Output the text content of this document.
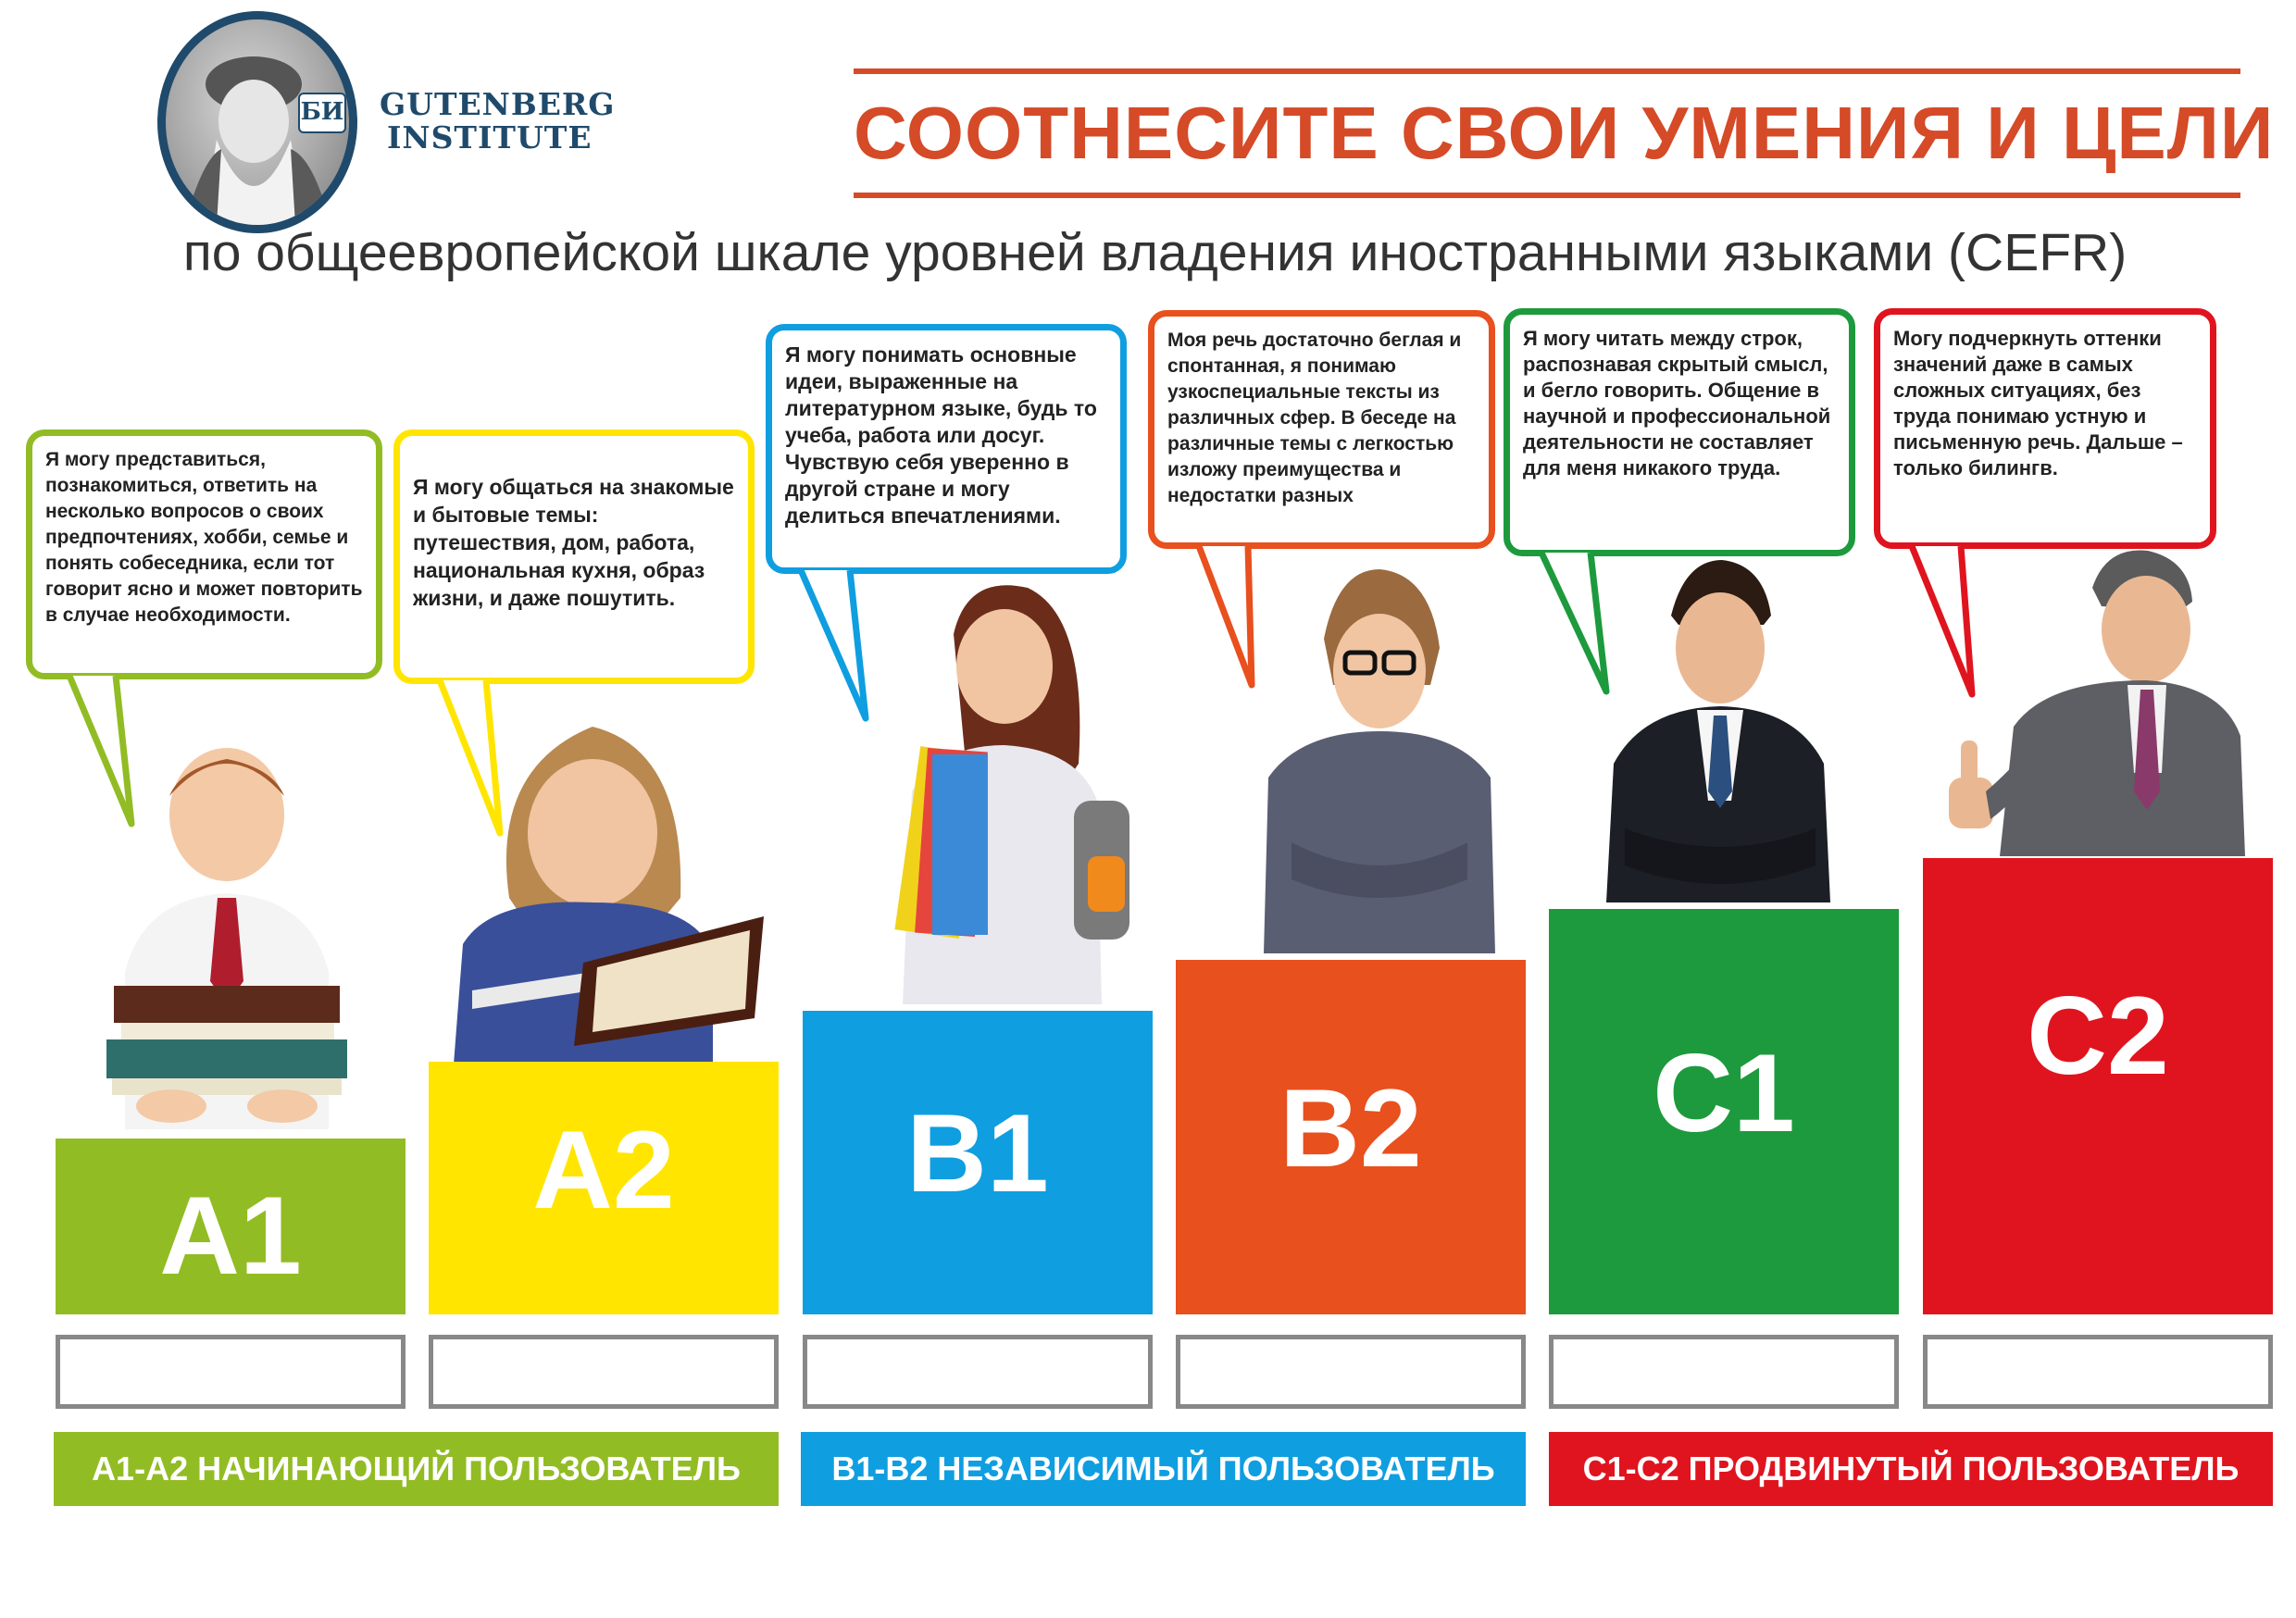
БИ GUTENBERG
INSTITUTE	СООТНЕСИТЕ СВОИ УМЕНИЯ И ЦЕЛИ
по общеевропейской шкале уровней владения иностранными языками (CEFR)
Я могу представиться, познакомиться, ответить на несколько вопросов о своих предпочтениях, хобби, семье и понять собеседника, если тот говорит ясно и может повторить в случае необходимости.
Я могу общаться на знакомые и бытовые темы: путешествия, дом, работа, национальная кухня, образ жизни, и даже пошутить.
Я могу понимать основные идеи, выраженные на литературном языке, будь то учеба, работа или досуг. Чувствую себя уверенно в другой стране и могу делиться впечатлениями.
Моя речь достаточно беглая и спонтанная, я понимаю узкоспециальные тексты из различных сфер. В беседе на различные темы с легкостью изложу преимущества и недостатки разных
Я могу читать между строк, распознавая скрытый смысл, и бегло говорить. Общение в научной и профессиональной деятельности не составляет для меня никакого труда.
Могу подчеркнуть оттенки значений даже в самых сложных ситуациях, без труда понимаю устную и письменную речь. Дальше – только билингв.
A1
A2	B1	B2	C1	C2
А1-А2 НАЧИНАЮЩИЙ ПОЛЬЗОВАТЕЛЬ	В1-В2 НЕЗАВИСИМЫЙ ПОЛЬЗОВАТЕЛЬ	С1-С2 ПРОДВИНУТЫЙ ПОЛЬЗОВАТЕЛЬ
